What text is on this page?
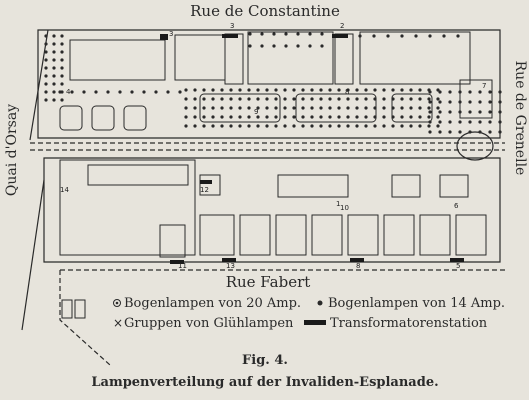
Rue de Constantine
Quai d'Orsay	Rue de Grenelle
Rue Fabert
3	2
3
1	6
7
8
10
11
12
13
14
5
4
9
8
Bogenlampen von 20 Amp. Bogenlampen von 14 Amp.
× Gruppen von Glühlampen	Transformatorenstation
Fig. 4.
Lampenverteilung auf der Invaliden-Esplanade.
